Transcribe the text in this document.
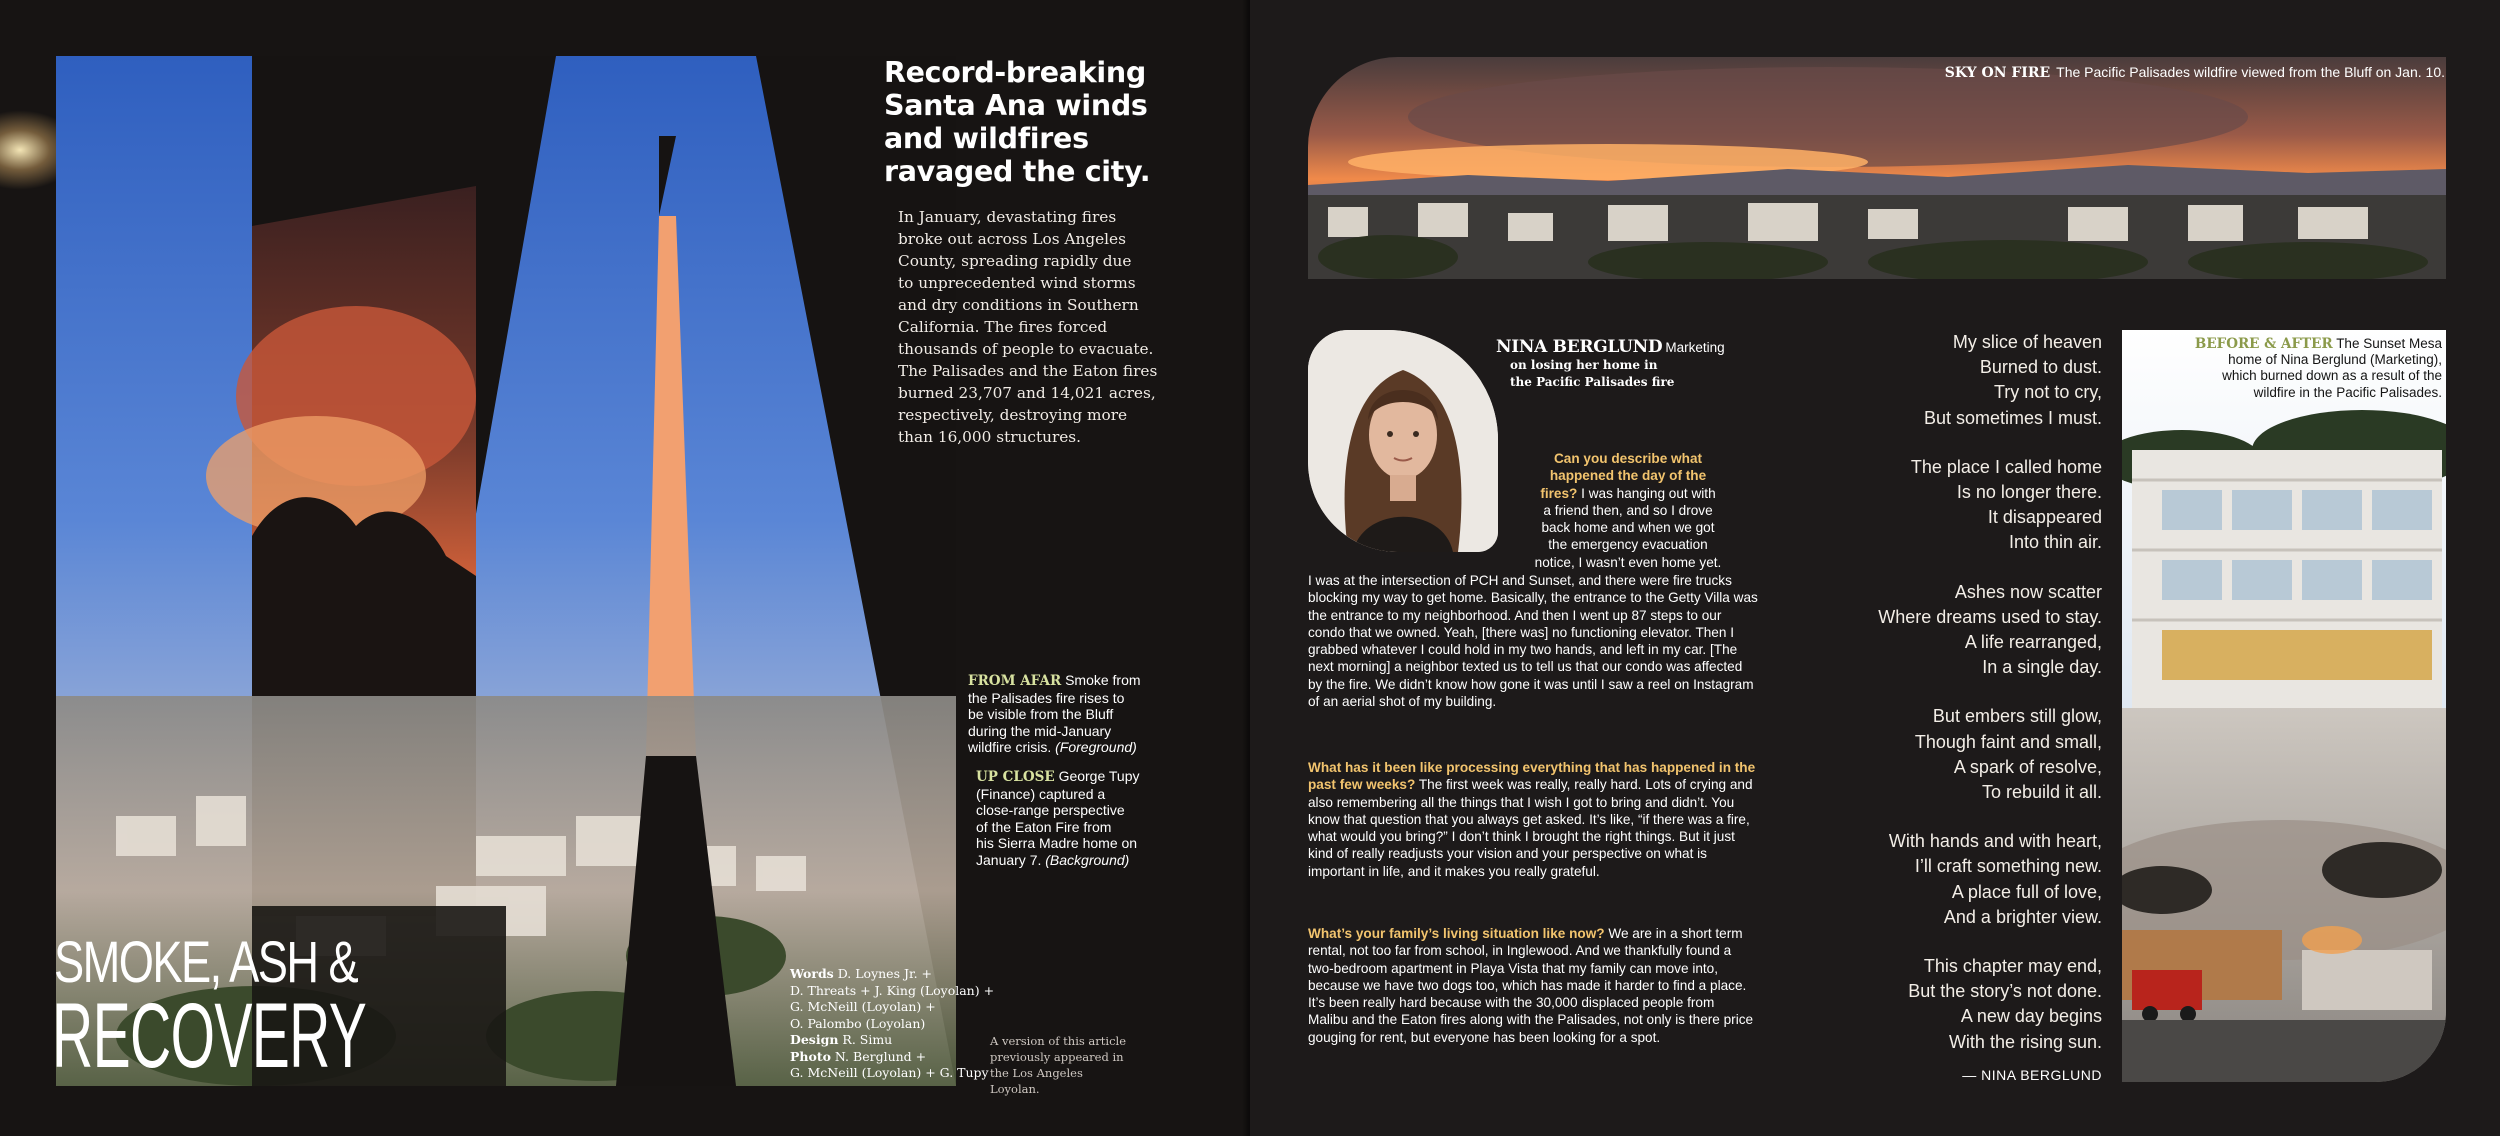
Record-breaking
Santa Ana winds
and wildfires
ravaged the city.

In January, devastating fires
broke out across Los Angeles
County, spreading rapidly due
to unprecedented wind storms
and dry conditions in Southern
California. The fires forced
thousands of people to evacuate.
The Palisades and the Eaton fires
burned 23,707 and 14,021 acres,
respectively, destroying more
than 16,000 structures.

FROM AFAR Smoke from
the Palisades fire rises to
be visible from the Bluff
during the mid-January
wildfire crisis. (Foreground)

UP CLOSE George Tupy
(Finance) captured a
close-range perspective
of the Eaton Fire from
his Sierra Madre home on
January 7. (Background)

SMOKE, ASH &
RECOVERY

Words D. Loynes Jr. +
D. Threats + J. King (Loyolan) +
G. McNeill (Loyolan) +
O. Palombo (Loyolan)
Design R. Simu
Photo N. Berglund +
G. McNeill (Loyolan) + G. Tupy

A version of this article
previously appeared in
the Los Angeles Loyolan.

SKY ON FIRE The Pacific Palisades wildfire viewed from the Bluff on Jan. 10.

NINA BERGLUND Marketing
on losing her home in
the Pacific Palisades fire
Can you describe what
happened the day of the
fires? I was hanging out with
a friend then, and so I drove
back home and when we got
the emergency evacuation
notice, I wasn’t even home yet.

I was at the intersection of PCH and Sunset, and there were fire trucks blocking my way to get home. Basically, the entrance to the Getty Villa was the entrance to my neighborhood. And then I went up 87 steps to our condo that we owned. Yeah, [there was] no functioning elevator. Then I grabbed whatever I could hold in my two hands, and left in my car. [The next morning] a neighbor texted us to tell us that our condo was affected by the fire. We didn’t know how gone it was until I saw a reel on Instagram of an aerial shot of my building.

What has it been like processing everything that has happened in the past few weeks? The first week was really, really hard. Lots of crying and also remembering all the things that I wish I got to bring and didn’t. You know that question that you always get asked. It’s like, “if there was a fire, what would you bring?” I don’t think I brought the right things. But it just kind of really readjusts your vision and your perspective on what is important in life, and it makes you really grateful.

What’s your family’s living situation like now? We are in a short term rental, not too far from school, in Inglewood. And we thankfully found a two-bedroom apartment in Playa Vista that my family can move into, because we have two dogs too, which has made it harder to find a place. It’s been really hard because with the 30,000 displaced people from Malibu and the Eaton fires along with the Palisades, not only is there price gouging for rent, but everyone has been looking for a spot.

My slice of heaven
Burned to dust.
Try not to cry,
But sometimes I must.
The place I called home
Is no longer there.
It disappeared
Into thin air.
Ashes now scatter
Where dreams used to stay.
A life rearranged,
In a single day.
But embers still glow,
Though faint and small,
A spark of resolve,
To rebuild it all.
With hands and with heart,
I’ll craft something new.
A place full of love,
And a brighter view.
This chapter may end,
But the story’s not done.
A new day begins
With the rising sun.

— NINA BERGLUND

BEFORE & AFTER The Sunset Mesa
home of Nina Berglund (Marketing),
which burned down as a result of the
wildfire in the Pacific Palisades.
